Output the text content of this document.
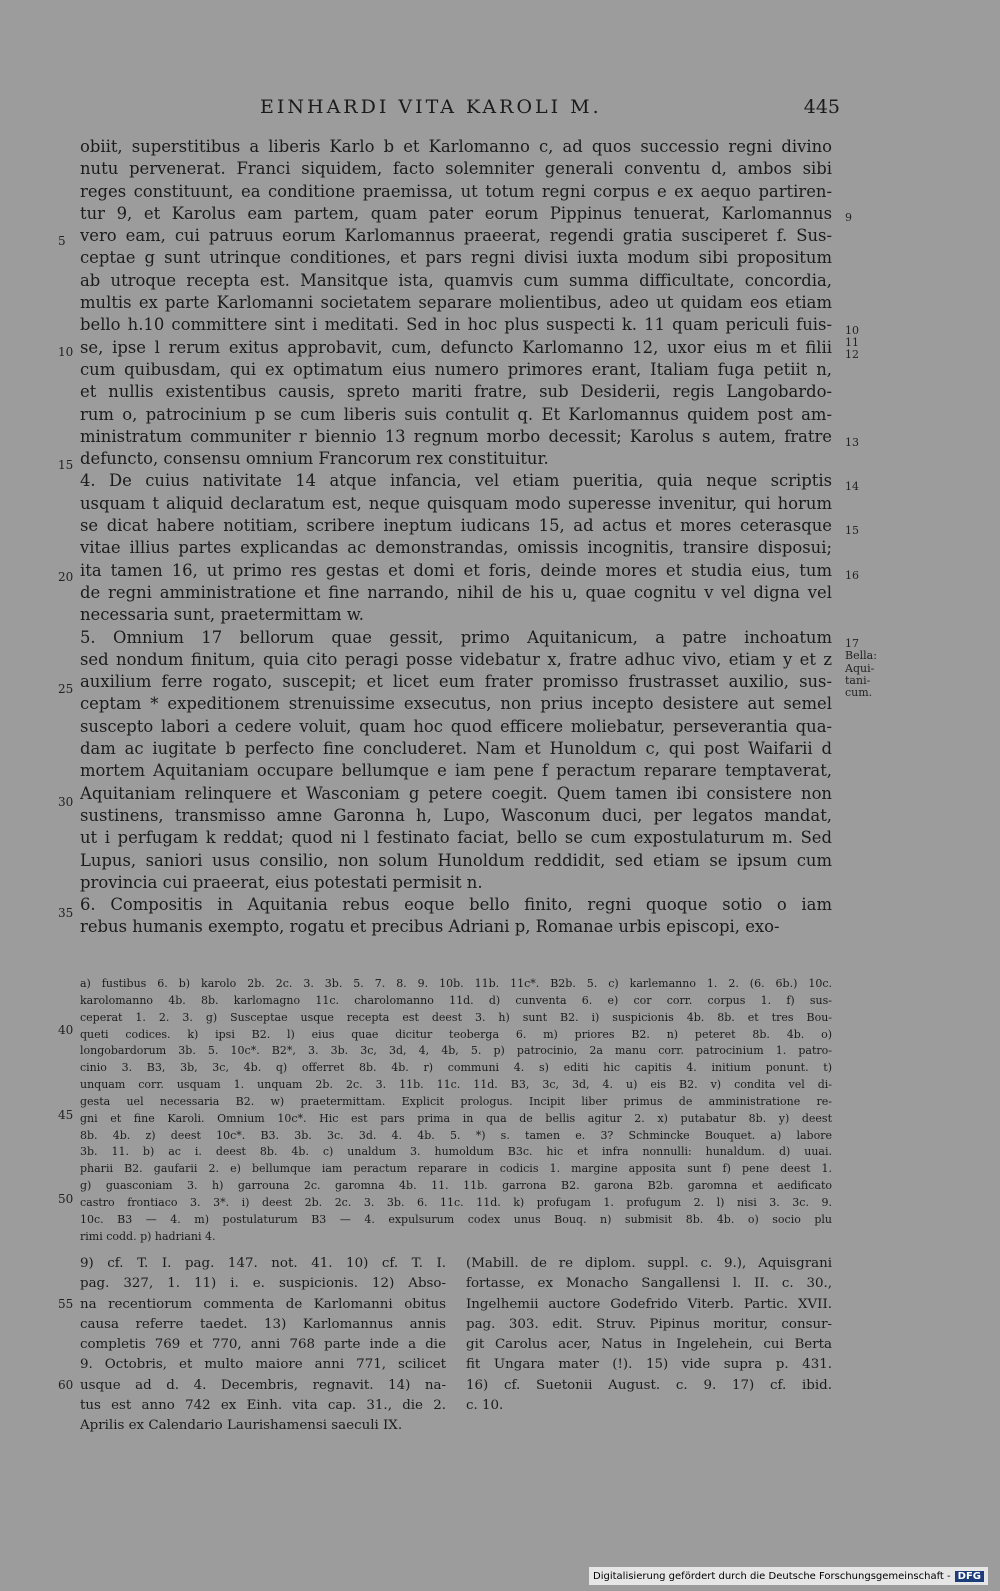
EINHARDI VITA KAROLI M.	445
obiit, superstitibus a liberis Karlo b et Karlomanno c, ad quos successio regni divino
nutu pervenerat. Franci siquidem, facto solemniter generali conventu d, ambos sibi
reges constituunt, ea conditione praemissa, ut totum regni corpus e ex aequo partiren-
tur 9, et Karolus eam partem, quam pater eorum Pippinus tenuerat, Karlomannus
vero eam, cui patruus eorum Karlomannus praeerat, regendi gratia susciperet f. Sus-
ceptae g sunt utrinque conditiones, et pars regni divisi iuxta modum sibi propositum
ab utroque recepta est. Mansitque ista, quamvis cum summa difficultate, concordia,
multis ex parte Karlomanni societatem separare molientibus, adeo ut quidam eos etiam
bello h.10 committere sint i meditati. Sed in hoc plus suspecti k. 11 quam periculi fuis-
se, ipse l rerum exitus approbavit, cum, defuncto Karlomanno 12, uxor eius m et filii
cum quibusdam, qui ex optimatum eius numero primores erant, Italiam fuga petiit n,
et nullis existentibus causis, spreto mariti fratre, sub Desiderii, regis Langobardo-
rum o, patrocinium p se cum liberis suis contulit q. Et Karlomannus quidem post am-
ministratum communiter r biennio 13 regnum morbo decessit; Karolus s autem, fratre
defuncto, consensu omnium Francorum rex constituitur.
4. De cuius nativitate 14 atque infancia, vel etiam pueritia, quia neque scriptis
usquam t aliquid declaratum est, neque quisquam modo superesse invenitur, qui horum
se dicat habere notitiam, scribere ineptum iudicans 15, ad actus et mores ceterasque
vitae illius partes explicandas ac demonstrandas, omissis incognitis, transire disposui;
ita tamen 16, ut primo res gestas et domi et foris, deinde mores et studia eius, tum
de regni amministratione et fine narrando, nihil de his u, quae cognitu v vel digna vel
necessaria sunt, praetermittam w.
5. Omnium 17 bellorum quae gessit, primo Aquitanicum, a patre inchoatum
sed nondum finitum, quia cito peragi posse videbatur x, fratre adhuc vivo, etiam y et z
auxilium ferre rogato, suscepit; et licet eum frater promisso frustrasset auxilio, sus-
ceptam * expeditionem strenuissime exsecutus, non prius incepto desistere aut semel
suscepto labori a cedere voluit, quam hoc quod efficere moliebatur, perseverantia qua-
dam ac iugitate b perfecto fine concluderet. Nam et Hunoldum c, qui post Waifarii d
mortem Aquitaniam occupare bellumque e iam pene f peractum reparare temptaverat,
Aquitaniam relinquere et Wasconiam g petere coegit. Quem tamen ibi consistere non
sustinens, transmisso amne Garonna h, Lupo, Wasconum duci, per legatos mandat,
ut i perfugam k reddat; quod ni l festinato faciat, bello se cum expostulaturum m. Sed
Lupus, saniori usus consilio, non solum Hunoldum reddidit, sed etiam se ipsum cum
provincia cui praeerat, eius potestati permisit n.
6. Compositis in Aquitania rebus eoque bello finito, regni quoque sotio o iam
rebus humanis exempto, rogatu et precibus Adriani p, Romanae urbis episcopi, exo-
5
10
15
20
25
30
35
9
10
11
12
13
14
15
16
17
Bella:
Aqui-
tani-
cum.
a) fustibus 6. b) karolo 2b. 2c. 3. 3b. 5. 7. 8. 9. 10b. 11b. 11c*. B2b. 5. c) karlemanno 1. 2. (6. 6b.) 10c.
karolomanno 4b. 8b. karlomagno 11c. charolomanno 11d. d) cunventa 6. e) cor corr. corpus 1. f) sus-
ceperat 1. 2. 3. g) Susceptae usque recepta est deest 3. h) sunt B2. i) suspicionis 4b. 8b. et tres Bou-
queti codices. k) ipsi B2. l) eius quae dicitur teoberga 6. m) priores B2. n) peteret 8b. 4b. o)
longobardorum 3b. 5. 10c*. B2*, 3. 3b. 3c, 3d, 4, 4b, 5. p) patrocinio, 2a manu corr. patrocinium 1. patro-
cinio 3. B3, 3b, 3c, 4b. q) offerret 8b. 4b. r) communi 4. s) editi hic capitis 4. initium ponunt. t)
unquam corr. usquam 1. unquam 2b. 2c. 3. 11b. 11c. 11d. B3, 3c, 3d, 4. u) eis B2. v) condita vel di-
gesta uel necessaria B2. w) praetermittam. Explicit prologus. Incipit liber primus de amministratione re-
gni et fine Karoli. Omnium 10c*. Hic est pars prima in qua de bellis agitur 2. x) putabatur 8b. y) deest
8b. 4b. z) deest 10c*. B3. 3b. 3c. 3d. 4. 4b. 5. *) s. tamen e. 3? Schmincke Bouquet. a) labore
3b. 11. b) ac i. deest 8b. 4b. c) unaldum 3. humoldum B3c. hic et infra nonnulli: hunaldum. d) uuai.
pharii B2. gaufarii 2. e) bellumque iam peractum reparare in codicis 1. margine apposita sunt f) pene deest 1.
g) guasconiam 3. h) garrouna 2c. garomna 4b. 11. 11b. garrona B2. garona B2b. garomna et aedificato
castro frontiaco 3. 3*. i) deest 2b. 2c. 3. 3b. 6. 11c. 11d. k) profugam 1. profugum 2. l) nisi 3. 3c. 9.
10c. B3 — 4. m) postulaturum B3 — 4. expulsurum codex unus Bouq. n) submisit 8b. 4b. o) socio plu
rimi codd. p) hadriani 4.
40
45
50
9) cf. T. I. pag. 147. not. 41. 10) cf. T. I.
pag. 327, 1. 11) i. e. suspicionis. 12) Abso-
na recentiorum commenta de Karlomanni obitus
causa referre taedet. 13) Karlomannus annis
completis 769 et 770, anni 768 parte inde a die
9. Octobris, et multo maiore anni 771, scilicet
usque ad d. 4. Decembris, regnavit. 14) na-
tus est anno 742 ex Einh. vita cap. 31., die 2.
Aprilis ex Calendario Laurishamensi saeculi IX.
(Mabill. de re diplom. suppl. c. 9.), Aquisgrani
fortasse, ex Monacho Sangallensi l. II. c. 30.,
Ingelhemii auctore Godefrido Viterb. Partic. XVII.
pag. 303. edit. Struv. Pipinus moritur, consur-
git Carolus acer, Natus in Ingelehein, cui Berta
fit Ungara mater (!). 15) vide supra p. 431.
16) cf. Suetonii August. c. 9. 17) cf. ibid.
c. 10.
55
60
Digitalisierung gefördert durch die Deutsche Forschungsgemeinschaft - DFG
